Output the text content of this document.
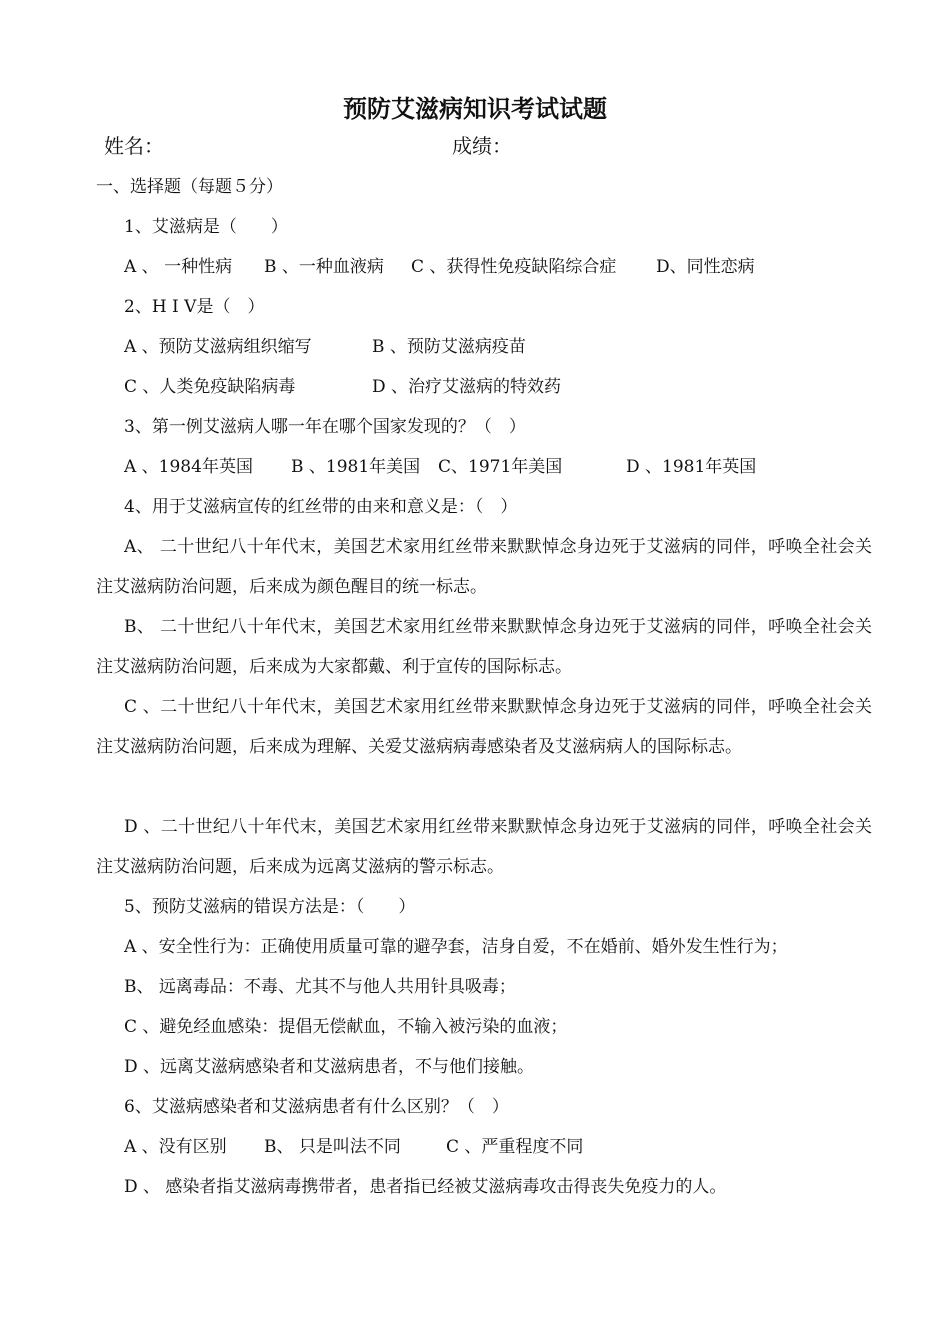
预防艾滋病知识考试试题
姓名：	成绩：
一、选择题（每题５分）
1、艾滋病是（　　）
A 、 一种性病 B 、一种血液病 C 、获得性免疫缺陷综合症 D、同性恋病
2、H I V是（　）
A 、预防艾滋病组织缩写	B 、预防艾滋病疫苗
C 、人类免疫缺陷病毒	D 、治疗艾滋病的特效药
3、第一例艾滋病人哪一年在哪个国家发现的？（　）
A 、1984年英国 B 、1981年美国 C、1971年美国	D 、1981年英国
4、用于艾滋病宣传的红丝带的由来和意义是：（　）
A、 二十世纪八十年代末，美国艺术家用红丝带来默默悼念身边死于艾滋病的同伴，呼唤全社会关注艾滋病防治问题，后来成为颜色醒目的统一标志。
B、 二十世纪八十年代末，美国艺术家用红丝带来默默悼念身边死于艾滋病的同伴，呼唤全社会关注艾滋病防治问题，后来成为大家都戴、利于宣传的国际标志。
C 、二十世纪八十年代末，美国艺术家用红丝带来默默悼念身边死于艾滋病的同伴，呼唤全社会关注艾滋病防治问题，后来成为理解、关爱艾滋病病毒感染者及艾滋病病人的国际标志。
D 、二十世纪八十年代末，美国艺术家用红丝带来默默悼念身边死于艾滋病的同伴，呼唤全社会关注艾滋病防治问题，后来成为远离艾滋病的警示标志。
5、预防艾滋病的错误方法是：（　　）
A 、安全性行为：正确使用质量可靠的避孕套，洁身自爱，不在婚前、婚外发生性行为；
B、 远离毒品：不毒、尤其不与他人共用针具吸毒；
C 、避免经血感染：提倡无偿献血，不输入被污染的血液；
D 、远离艾滋病感染者和艾滋病患者，不与他们接触。
6、艾滋病感染者和艾滋病患者有什么区别？（　）
A 、没有区别 B、 只是叫法不同	C 、严重程度不同
D 、 感染者指艾滋病毒携带者，患者指已经被艾滋病毒攻击得丧失免疫力的人。
